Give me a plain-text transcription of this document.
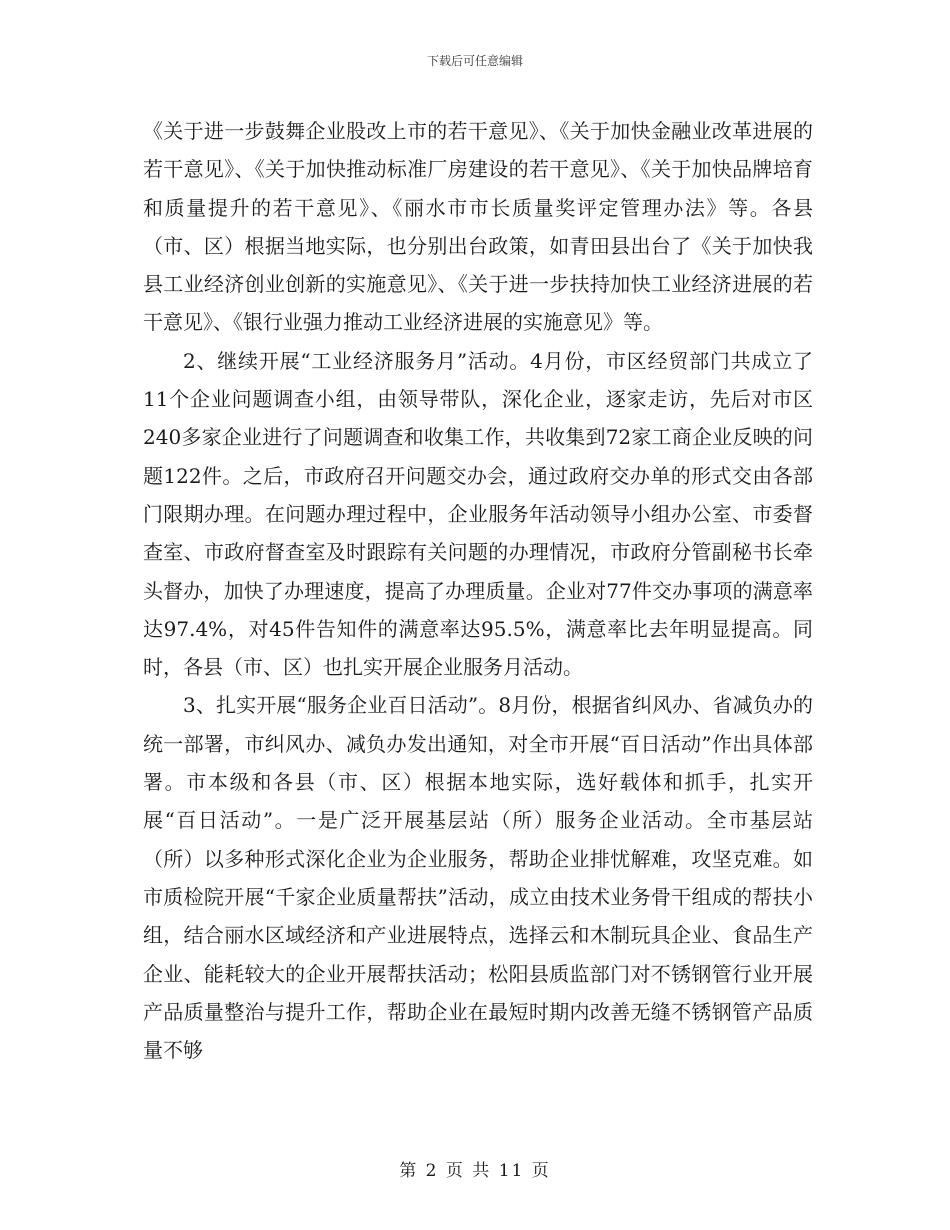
下载后可任意编辑

《关于进一步鼓舞企业股改上市的若干意见》、《关于加快金融业改革进展的若干意见》、《关于加快推动标准厂房建设的若干意见》、《关于加快品牌培育和质量提升的若干意见》、《丽水市市长质量奖评定管理办法》等。各县（市、区）根据当地实际，也分别出台政策，如青田县出台了《关于加快我县工业经济创业创新的实施意见》、《关于进一步扶持加快工业经济进展的若干意见》、《银行业强力推动工业经济进展的实施意见》等。

2、继续开展“工业经济服务月”活动。4月份，市区经贸部门共成立了11个企业问题调查小组，由领导带队，深化企业，逐家走访，先后对市区240多家企业进行了问题调查和收集工作，共收集到72家工商企业反映的问题122件。之后，市政府召开问题交办会，通过政府交办单的形式交由各部门限期办理。在问题办理过程中，企业服务年活动领导小组办公室、市委督查室、市政府督查室及时跟踪有关问题的办理情况，市政府分管副秘书长牵头督办，加快了办理速度，提高了办理质量。企业对77件交办事项的满意率达97.4%，对45件告知件的满意率达95.5%，满意率比去年明显提高。同时，各县（市、区）也扎实开展企业服务月活动。

3、扎实开展“服务企业百日活动”。8月份，根据省纠风办、省减负办的统一部署，市纠风办、减负办发出通知，对全市开展“百日活动”作出具体部署。市本级和各县（市、区）根据本地实际，选好载体和抓手，扎实开展“百日活动”。一是广泛开展基层站（所）服务企业活动。全市基层站（所）以多种形式深化企业为企业服务，帮助企业排忧解难，攻坚克难。如市质检院开展“千家企业质量帮扶”活动，成立由技术业务骨干组成的帮扶小组，结合丽水区域经济和产业进展特点，选择云和木制玩具企业、食品生产企业、能耗较大的企业开展帮扶活动；松阳县质监部门对不锈钢管行业开展产品质量整治与提升工作，帮助企业在最短时期内改善无缝不锈钢管产品质量不够

第 2 页 共 11 页
